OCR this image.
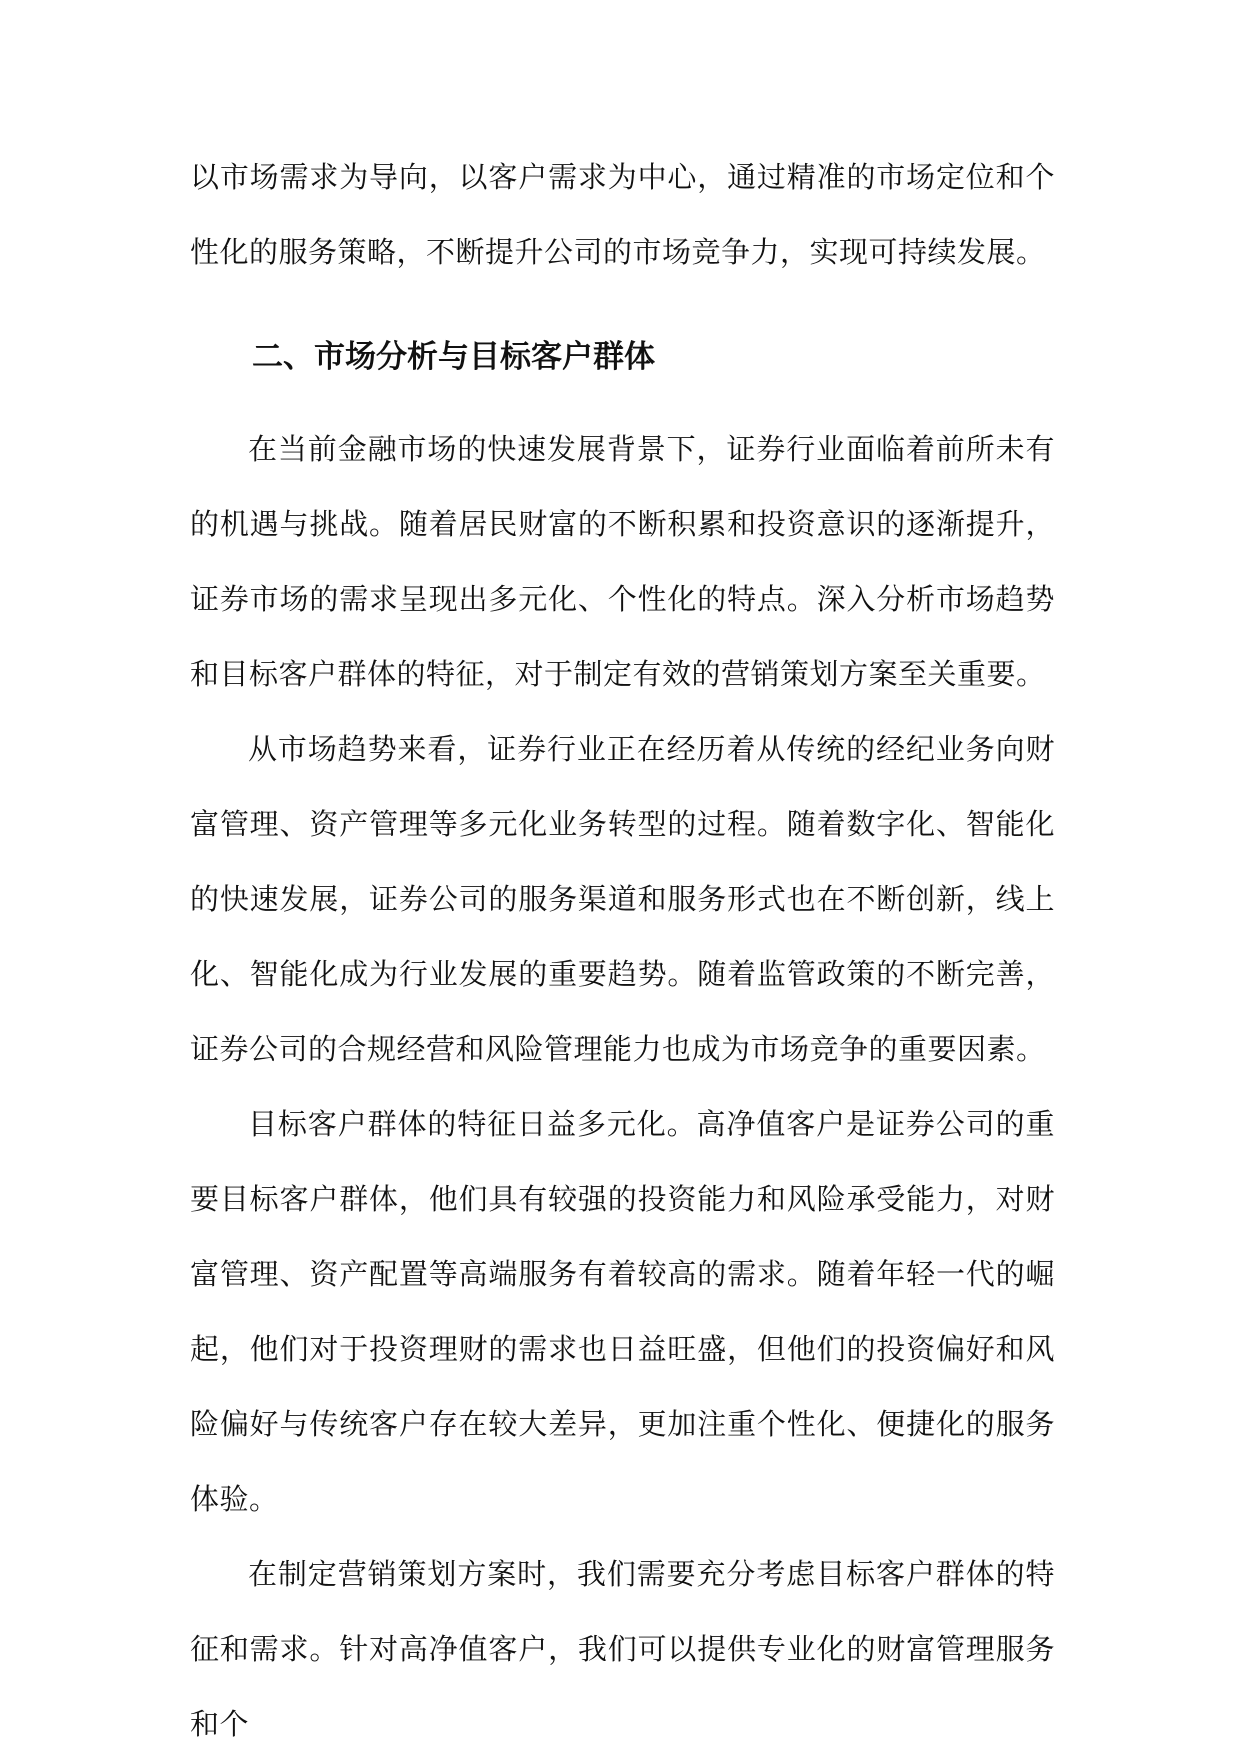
以市场需求为导向，以客户需求为中心，通过精准的市场定位和个性化的服务策略，不断提升公司的市场竞争力，实现可持续发展。

二、市场分析与目标客户群体

在当前金融市场的快速发展背景下，证券行业面临着前所未有的机遇与挑战。随着居民财富的不断积累和投资意识的逐渐提升，证券市场的需求呈现出多元化、个性化的特点。深入分析市场趋势和目标客户群体的特征，对于制定有效的营销策划方案至关重要。

从市场趋势来看，证券行业正在经历着从传统的经纪业务向财富管理、资产管理等多元化业务转型的过程。随着数字化、智能化的快速发展，证券公司的服务渠道和服务形式也在不断创新，线上化、智能化成为行业发展的重要趋势。随着监管政策的不断完善，证券公司的合规经营和风险管理能力也成为市场竞争的重要因素。

目标客户群体的特征日益多元化。高净值客户是证券公司的重要目标客户群体，他们具有较强的投资能力和风险承受能力，对财富管理、资产配置等高端服务有着较高的需求。随着年轻一代的崛起，他们对于投资理财的需求也日益旺盛，但他们的投资偏好和风险偏好与传统客户存在较大差异，更加注重个性化、便捷化的服务体验。

在制定营销策划方案时，我们需要充分考虑目标客户群体的特征和需求。针对高净值客户，我们可以提供专业化的财富管理服务和个
